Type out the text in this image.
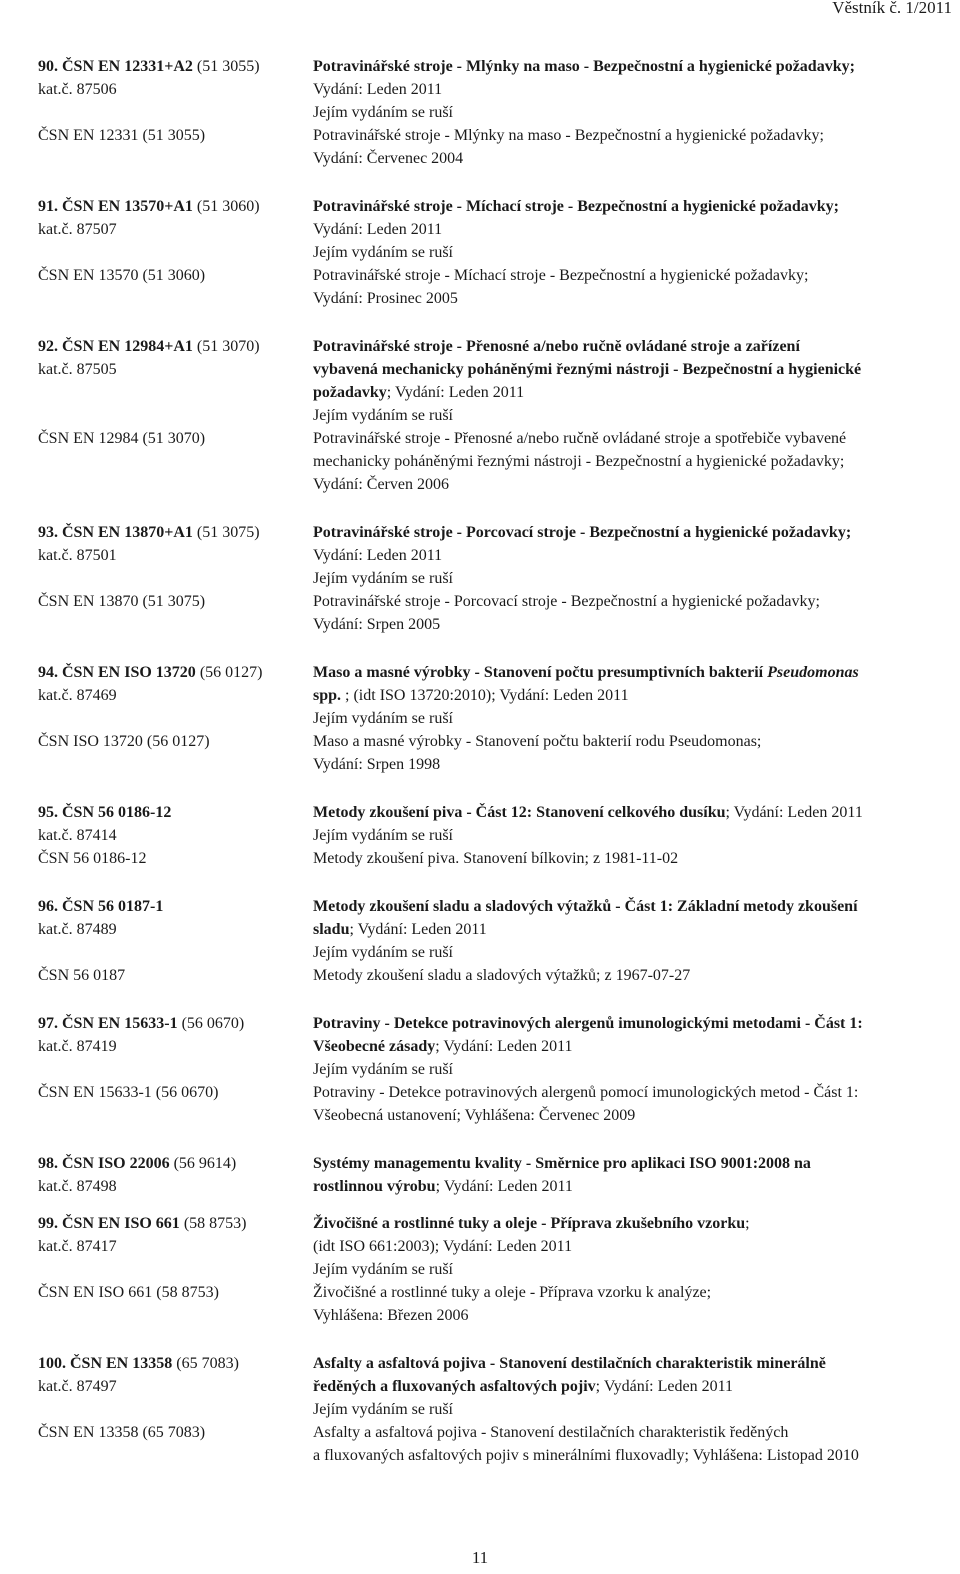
Věstník č. 1/2011
90. ČSN EN 12331+A2 (51 3055)	Potravinářské stroje - Mlýnky na maso - Bezpečnostní a hygienické požadavky;
kat.č. 87506	Vydání: Leden 2011
Jejím vydáním se ruší
ČSN EN 12331 (51 3055)	Potravinářské stroje - Mlýnky na maso - Bezpečnostní a hygienické požadavky;
Vydání: Červenec 2004
91. ČSN EN 13570+A1 (51 3060)	Potravinářské stroje - Míchací stroje - Bezpečnostní a hygienické požadavky;
kat.č. 87507	Vydání: Leden 2011
Jejím vydáním se ruší
ČSN EN 13570 (51 3060)	Potravinářské stroje - Míchací stroje - Bezpečnostní a hygienické požadavky;
Vydání: Prosinec 2005
92. ČSN EN 12984+A1 (51 3070)	Potravinářské stroje - Přenosné a/nebo ručně ovládané stroje a zařízení
kat.č. 87505	vybavená mechanicky poháněnými řeznými nástroji - Bezpečnostní a hygienické
požadavky; Vydání: Leden 2011
Jejím vydáním se ruší
ČSN EN 12984 (51 3070)	Potravinářské stroje - Přenosné a/nebo ručně ovládané stroje a spotřebiče vybavené
mechanicky poháněnými řeznými nástroji - Bezpečnostní a hygienické požadavky;
Vydání: Červen 2006
93. ČSN EN 13870+A1 (51 3075)	Potravinářské stroje - Porcovací stroje - Bezpečnostní a hygienické požadavky;
kat.č. 87501	Vydání: Leden 2011
Jejím vydáním se ruší
ČSN EN 13870 (51 3075)	Potravinářské stroje - Porcovací stroje - Bezpečnostní a hygienické požadavky;
Vydání: Srpen 2005
94. ČSN EN ISO 13720 (56 0127)	Maso a masné výrobky - Stanovení počtu presumptivních bakterií Pseudomonas
kat.č. 87469	spp. ; (idt ISO 13720:2010); Vydání: Leden 2011
Jejím vydáním se ruší
ČSN ISO 13720 (56 0127)	Maso a masné výrobky - Stanovení počtu bakterií rodu Pseudomonas;
Vydání: Srpen 1998
95. ČSN 56 0186-12	Metody zkoušení piva - Část 12: Stanovení celkového dusíku; Vydání: Leden 2011
kat.č. 87414	Jejím vydáním se ruší
ČSN 56 0186-12	Metody zkoušení piva. Stanovení bílkovin; z 1981-11-02
96. ČSN 56 0187-1	Metody zkoušení sladu a sladových výtažků - Část 1: Základní metody zkoušení
kat.č. 87489	sladu; Vydání: Leden 2011
Jejím vydáním se ruší
ČSN 56 0187	Metody zkoušení sladu a sladových výtažků; z 1967-07-27
97. ČSN EN 15633-1 (56 0670)	Potraviny - Detekce potravinových alergenů imunologickými metodami - Část 1:
kat.č. 87419	Všeobecné zásady; Vydání: Leden 2011
Jejím vydáním se ruší
ČSN EN 15633-1 (56 0670)	Potraviny - Detekce potravinových alergenů pomocí imunologických metod - Část 1:
Všeobecná ustanovení; Vyhlášena: Červenec 2009
98. ČSN ISO 22006 (56 9614)	Systémy managementu kvality - Směrnice pro aplikaci ISO 9001:2008 na
kat.č. 87498	rostlinnou výrobu; Vydání: Leden 2011
99. ČSN EN ISO 661 (58 8753)	Živočišné a rostlinné tuky a oleje - Příprava zkušebního vzorku;
kat.č. 87417	(idt ISO 661:2003); Vydání: Leden 2011
Jejím vydáním se ruší
ČSN EN ISO 661 (58 8753)	Živočišné a rostlinné tuky a oleje - Příprava vzorku k analýze;
Vyhlášena: Březen 2006
100. ČSN EN 13358 (65 7083)	Asfalty a asfaltová pojiva - Stanovení destilačních charakteristik minerálně
kat.č. 87497	ředěných a fluxovaných asfaltových pojiv; Vydání: Leden 2011
Jejím vydáním se ruší
ČSN EN 13358 (65 7083)	Asfalty a asfaltová pojiva - Stanovení destilačních charakteristik ředěných
a fluxovaných asfaltových pojiv s minerálními fluxovadly; Vyhlášena: Listopad 2010
11
